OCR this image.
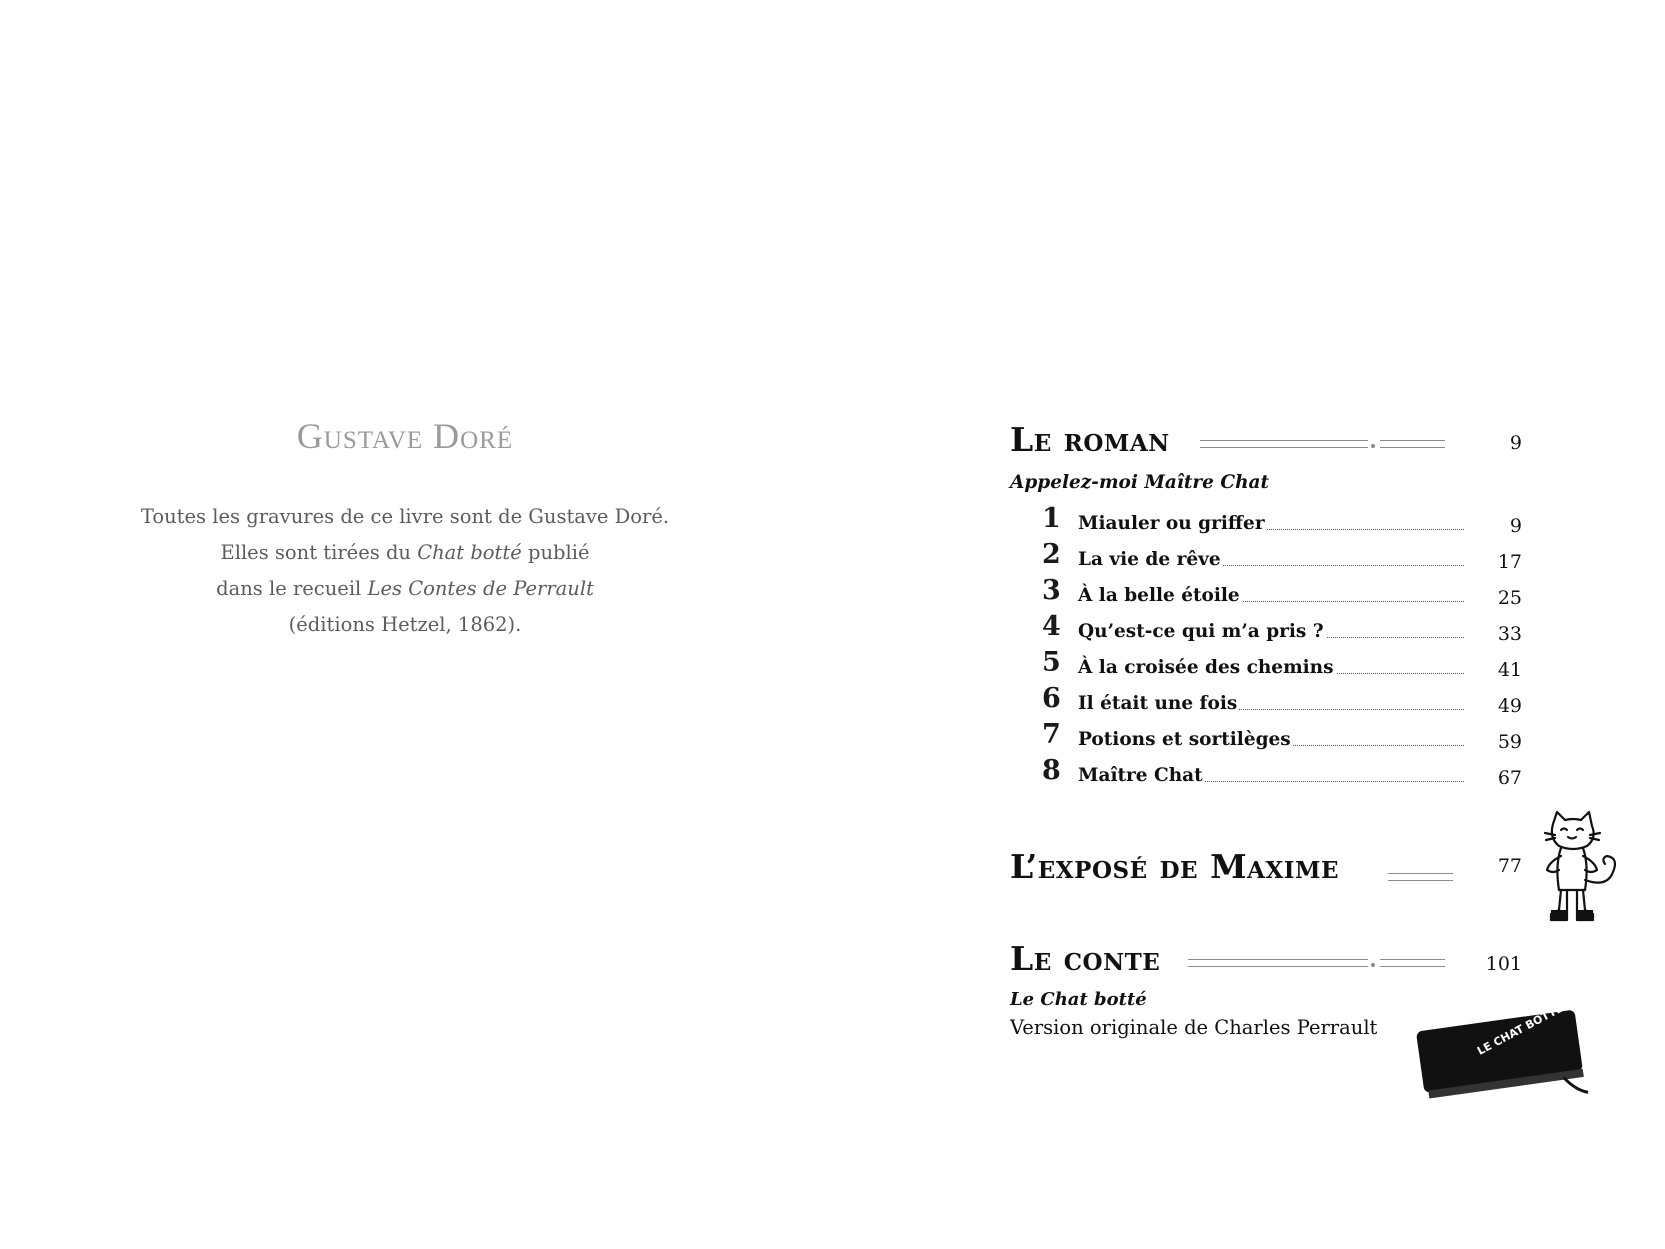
Gustave Doré

Toutes les gravures de ce livre sont de Gustave Doré.

Elles sont tirées du Chat botté publié

dans le recueil Les Contes de Perrault

(éditions Hetzel, 1862).

Le roman	9
Appelez-moi Maître Chat
1 Miauler ou griffer	9
2 La vie de rêve	17
3 À la belle étoile	25
4 Qu’est-ce qui m’a pris ?	33
5 À la croisée des chemins	41
6 Il était une fois	49
7 Potions et sortilèges	59
8 Maître Chat	67
L’exposé de Maxime	77
Le conte	101
Le Chat botté
Version originale de Charles Perrault	LE CHAT BOTTÉ
